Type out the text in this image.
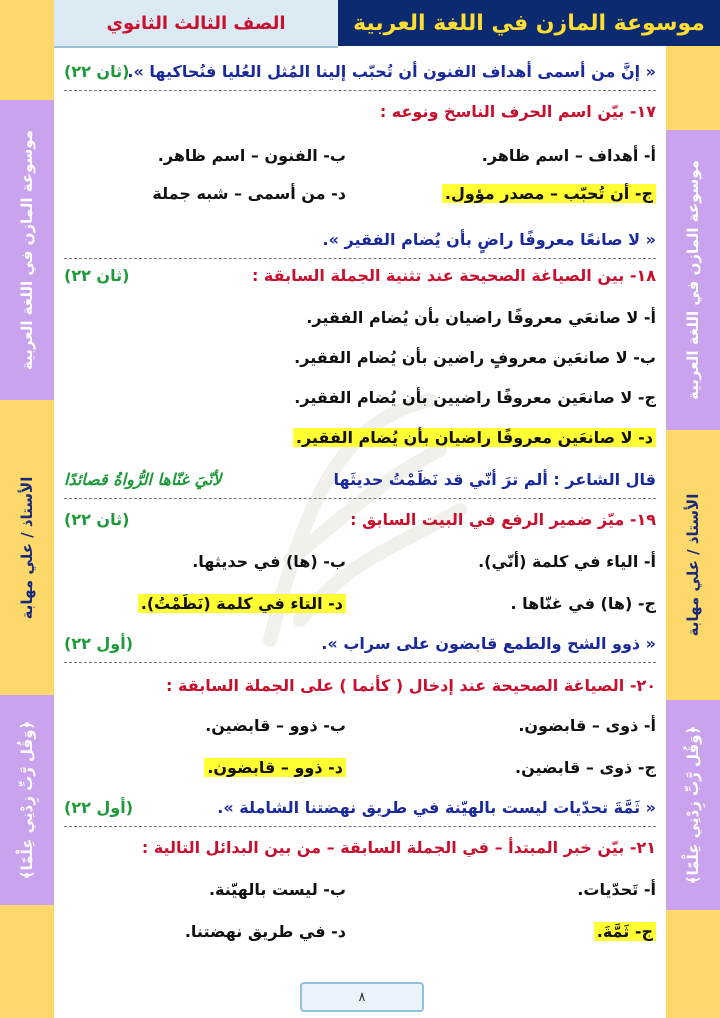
الصف الثالث الثانوي	موسوعة المازن في اللغة العربية
موسوعة المازن في اللغة العربية
الأستاذ / علي مهابة
﴿وَقُل رَّبِّ زِدْنِي عِلْمًا﴾
موسوعة المازن في اللغة العربية
الأستاذ / علي مهابة
﴿وَقُل رَّبِّ زِدْنِي عِلْمًا﴾
« إنَّ من أسمى أهداف الفنون أن تُحبّب إلينا المُثل العُليا فنُحاكيها ».
(ثان ٢٢)
١٧- بيّن اسم الحرف الناسخ ونوعه :
أ- أهداف – اسم ظاهر.
ب- الفنون – اسم ظاهر.
ج- أن تُحبّب – مصدر مؤول.
د- من أسمى – شبه جملة
« لا صانعًا معروفًا راضٍ بأن يُضام الفقير ».
١٨- بين الصياغة الصحيحة عند تثنية الجملة السابقة :
(ثان ٢٢)
أ- لا صانعَي معروفًا راضيان بأن يُضام الفقير.
ب- لا صانعَين معروفٍ راضين بأن يُضام الفقير.
ج- لا صانعَين معروفًا راضيين بأن يُضام الفقير.
د- لا صانعَين معروفًا راضيان بأن يُضام الفقير.
قال الشاعر : ألم ترَ أنّي قد نَظَمْتُ حديثَها
لأنّيَ غنّاها الرُّواةُ قصائدًا
١٩- ميّز ضمير الرفع في البيت السابق :
(ثان ٢٢)
أ- الياء في كلمة (أنّي).
ب- (ها) في حديثها.
ج- (ها) في غنّاها .
د- التاء في كلمة (نَظَمْتُ).
« ذوو الشح والطمع قابضون على سراب ».
(أول ٢٢)
٢٠- الصياغة الصحيحة عند إدخال ( كأنما ) على الجملة السابقة :
أ- ذوى – قابضون.
ب- ذوو – قابضين.
ج- ذوى – قابضين.
د- ذوو – قابضون.
« ثَمَّةَ تحدّيات ليست بالهيّنة في طريق نهضتنا الشاملة ».
(أول ٢٢)
٢١- بيّن خبر المبتدأ – في الجملة السابقة – من بين البدائل التالية :
أ- تَحدّيات.
ب- ليست بالهيّنة.
ج- ثَمَّةَ.
د- في طريق نهضتنا.
٨
